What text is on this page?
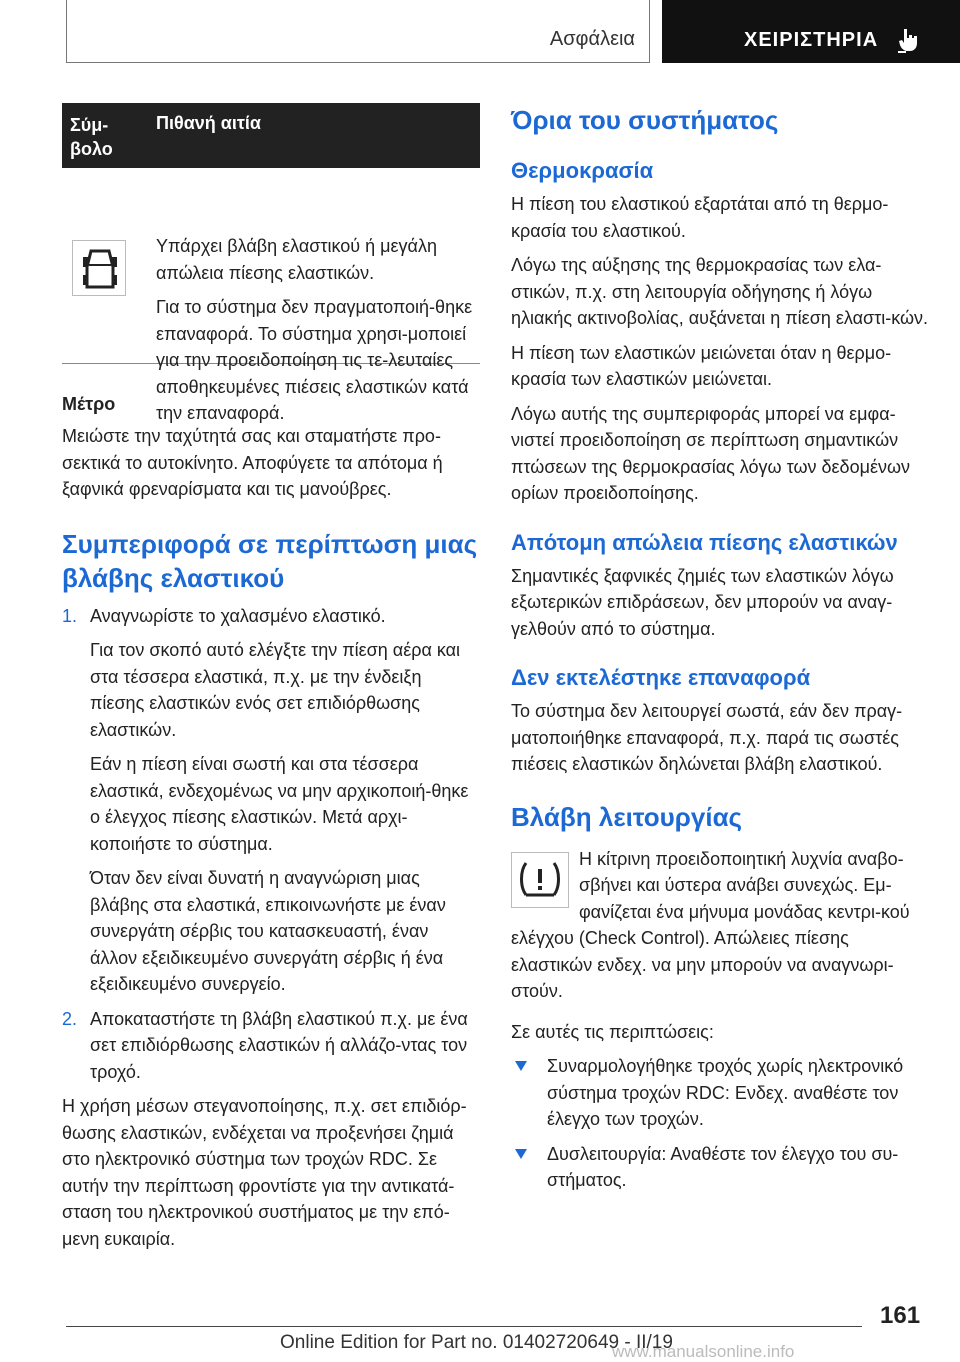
Ασφάλεια	ΧΕΙΡΙΣΤΗΡΙΑ
Σύμ-βολο
Πιθανή αιτία

Υπάρχει βλάβη ελαστικού ή μεγάλη απώλεια πίεσης ελαστικών.

Για το σύστημα δεν πραγματοποιή-θηκε επαναφορά. Το σύστημα χρησι-μοποιεί για την προειδοποίηση τις τε-λευταίες αποθηκευμένες πιέσεις ελαστικών κατά την επαναφορά.

Μέτρο
Μειώστε την ταχύτητά σας και σταματήστε προ-σεκτικά το αυτοκίνητο. Αποφύγετε τα απότομα ή ξαφνικά φρεναρίσματα και τις μανούβρες.
Συμπεριφορά σε περίπτωση μιας βλάβης ελαστικού
1. Αναγνωρίστε το χαλασμένο ελαστικό.
Για τον σκοπό αυτό ελέγξτε την πίεση αέρα και στα τέσσερα ελαστικά, π.χ. με την ένδειξη πίεσης ελαστικών ενός σετ επιδιόρθωσης ελαστικών.
Εάν η πίεση είναι σωστή και στα τέσσερα ελαστικά, ενδεχομένως να μην αρχικοποιή-θηκε ο έλεγχος πίεσης ελαστικών. Μετά αρχι-κοποιήστε το σύστημα.
Όταν δεν είναι δυνατή η αναγνώριση μιας βλάβης στα ελαστικά, επικοινωνήστε με έναν συνεργάτη σέρβις του κατασκευαστή, έναν άλλον εξειδικευμένο συνεργάτη σέρβις ή ένα εξειδικευμένο συνεργείο.
2. Αποκαταστήστε τη βλάβη ελαστικού π.χ. με ένα σετ επιδιόρθωσης ελαστικών ή αλλάζο-ντας τον τροχό.
Η χρήση μέσων στεγανοποίησης, π.χ. σετ επιδιόρ-θωσης ελαστικών, ενδέχεται να προξενήσει ζημιά στο ηλεκτρονικό σύστημα των τροχών RDC. Σε αυτήν την περίπτωση φροντίστε για την αντικατά-σταση του ηλεκτρονικού συστήματος με την επό-μενη ευκαιρία.
Όρια του συστήματος
Θερμοκρασία
Η πίεση του ελαστικού εξαρτάται από τη θερμο-κρασία του ελαστικού.
Λόγω της αύξησης της θερμοκρασίας των ελα-στικών, π.χ. στη λειτουργία οδήγησης ή λόγω ηλιακής ακτινοβολίας, αυξάνεται η πίεση ελαστι-κών.
Η πίεση των ελαστικών μειώνεται όταν η θερμο-κρασία των ελαστικών μειώνεται.
Λόγω αυτής της συμπεριφοράς μπορεί να εμφα-νιστεί προειδοποίηση σε περίπτωση σημαντικών πτώσεων της θερμοκρασίας λόγω των δεδομένων ορίων προειδοποίησης.
Απότομη απώλεια πίεσης ελαστικών
Σημαντικές ξαφνικές ζημιές των ελαστικών λόγω εξωτερικών επιδράσεων, δεν μπορούν να αναγ-γελθούν από το σύστημα.
Δεν εκτελέστηκε επαναφορά
Το σύστημα δεν λειτουργεί σωστά, εάν δεν πραγ-ματοποιήθηκε επαναφορά, π.χ. παρά τις σωστές πιέσεις ελαστικών δηλώνεται βλάβη ελαστικού.
Βλάβη λειτουργίας
Η κίτρινη προειδοποιητική λυχνία αναβο-σβήνει και ύστερα ανάβει συνεχώς. Εμ-φανίζεται ένα μήνυμα μονάδας κεντρι-κού ελέγχου (Check Control). Απώλειες πίεσης ελαστικών ενδεχ. να μην μπορούν να αναγνωρι-στούν.
Σε αυτές τις περιπτώσεις:
Συναρμολογήθηκε τροχός χωρίς ηλεκτρονικό σύστημα τροχών RDC: Ενδεχ. αναθέστε τον έλεγχο των τροχών.
Δυσλειτουργία: Αναθέστε τον έλεγχο του συ-στήματος.
161
Online Edition for Part no. 01402720649 - II/19
www.manualsonline.info
